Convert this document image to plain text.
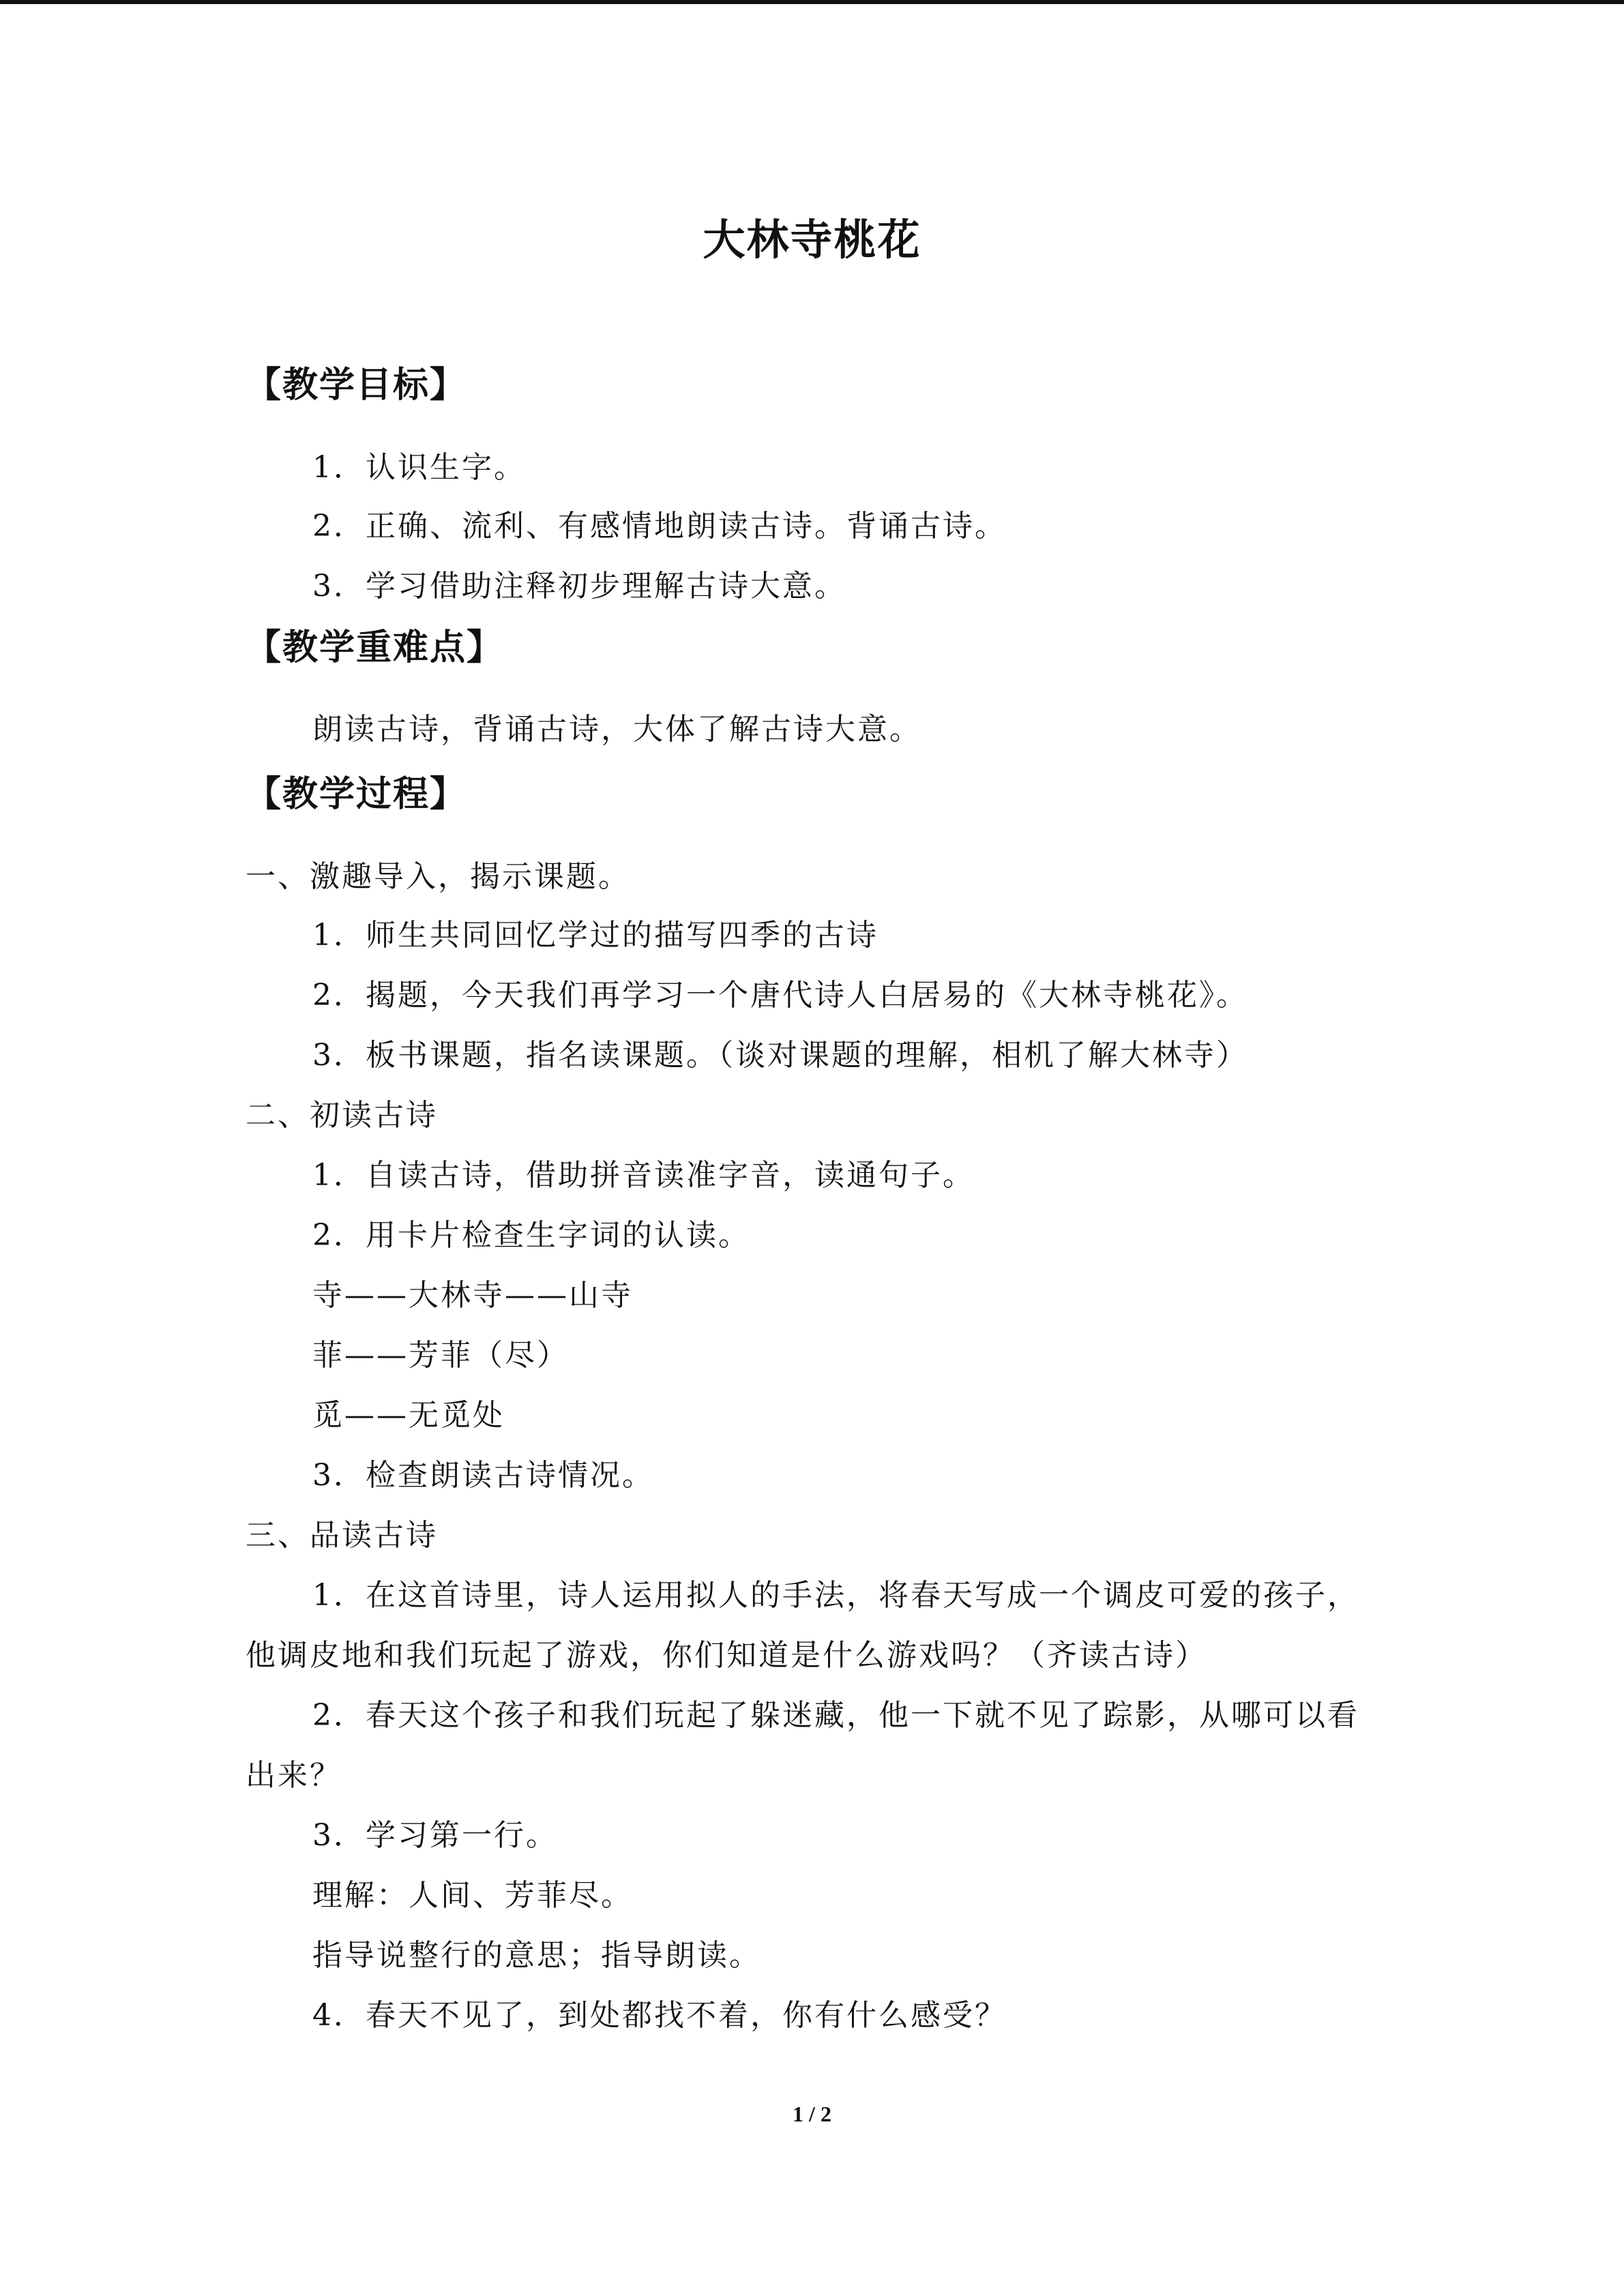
大林寺桃花
【教学目标】
1．认识生字。
2．正确、流利、有感情地朗读古诗。背诵古诗。
3．学习借助注释初步理解古诗大意。
【教学重难点】
朗读古诗，背诵古诗，大体了解古诗大意。
【教学过程】
一、激趣导入，揭示课题。
1．师生共同回忆学过的描写四季的古诗
2．揭题，今天我们再学习一个唐代诗人白居易的《大林寺桃花》。
3．板书课题，指名读课题。（谈对课题的理解，相机了解大林寺）
二、初读古诗
1．自读古诗，借助拼音读准字音，读通句子。
2．用卡片检查生字词的认读。
寺——大林寺——山寺
菲——芳菲（尽）
觅——无觅处
3．检查朗读古诗情况。
三、品读古诗
1．在这首诗里，诗人运用拟人的手法，将春天写成一个调皮可爱的孩子，
他调皮地和我们玩起了游戏，你们知道是什么游戏吗？（齐读古诗）
2．春天这个孩子和我们玩起了躲迷藏，他一下就不见了踪影，从哪可以看
出来？
3．学习第一行。
理解：人间、芳菲尽。
指导说整行的意思；指导朗读。
4．春天不见了，到处都找不着，你有什么感受？
1 / 2
